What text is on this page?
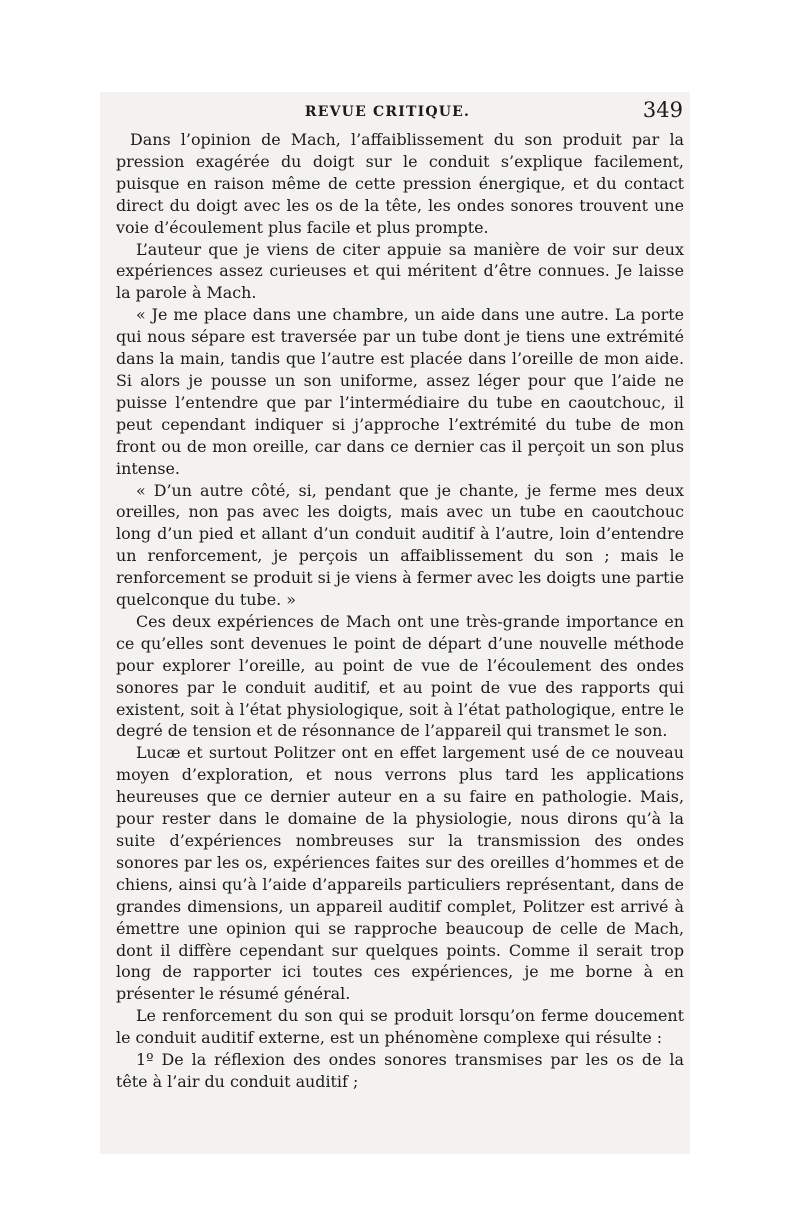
REVUE CRITIQUE.	349

Dans l’opinion de Mach, l’affaiblissement du son produit par la pression exagérée du doigt sur le conduit s’explique facilement, puisque en raison même de cette pression énergique, et du contact direct du doigt avec les os de la tête, les ondes sonores trouvent une voie d’écoulement plus facile et plus prompte.

L’auteur que je viens de citer appuie sa manière de voir sur deux expériences assez curieuses et qui méritent d’être connues. Je laisse la parole à Mach.

« Je me place dans une chambre, un aide dans une autre. La porte qui nous sépare est traversée par un tube dont je tiens une extrémité dans la main, tandis que l’autre est placée dans l’oreille de mon aide. Si alors je pousse un son uniforme, assez léger pour que l’aide ne puisse l’entendre que par l’intermédiaire du tube en caoutchouc, il peut cependant indiquer si j’approche l’extrémité du tube de mon front ou de mon oreille, car dans ce dernier cas il perçoit un son plus intense.

« D’un autre côté, si, pendant que je chante, je ferme mes deux oreilles, non pas avec les doigts, mais avec un tube en caoutchouc long d’un pied et allant d’un conduit auditif à l’autre, loin d’entendre un renforcement, je perçois un affaiblissement du son ; mais le renforcement se produit si je viens à fermer avec les doigts une partie quelconque du tube. »

Ces deux expériences de Mach ont une très-grande importance en ce qu’elles sont devenues le point de départ d’une nouvelle méthode pour explorer l’oreille, au point de vue de l’écoulement des ondes sonores par le conduit auditif, et au point de vue des rapports qui existent, soit à l’état physiologique, soit à l’état pathologique, entre le degré de tension et de résonnance de l’appareil qui transmet le son.

Lucæ et surtout Politzer ont en effet largement usé de ce nouveau moyen d’exploration, et nous verrons plus tard les applications heureuses que ce dernier auteur en a su faire en pathologie. Mais, pour rester dans le domaine de la physiologie, nous dirons qu’à la suite d’expériences nombreuses sur la transmission des ondes sonores par les os, expériences faites sur des oreilles d’hommes et de chiens, ainsi qu’à l’aide d’appareils particuliers représentant, dans de grandes dimensions, un appareil auditif complet, Politzer est arrivé à émettre une opinion qui se rapproche beaucoup de celle de Mach, dont il diffère cependant sur quelques points. Comme il serait trop long de rapporter ici toutes ces expériences, je me borne à en présenter le résumé général.

Le renforcement du son qui se produit lorsqu’on ferme doucement le conduit auditif externe, est un phénomène complexe qui résulte :

1º De la réflexion des ondes sonores transmises par les os de la tête à l’air du conduit auditif ;
